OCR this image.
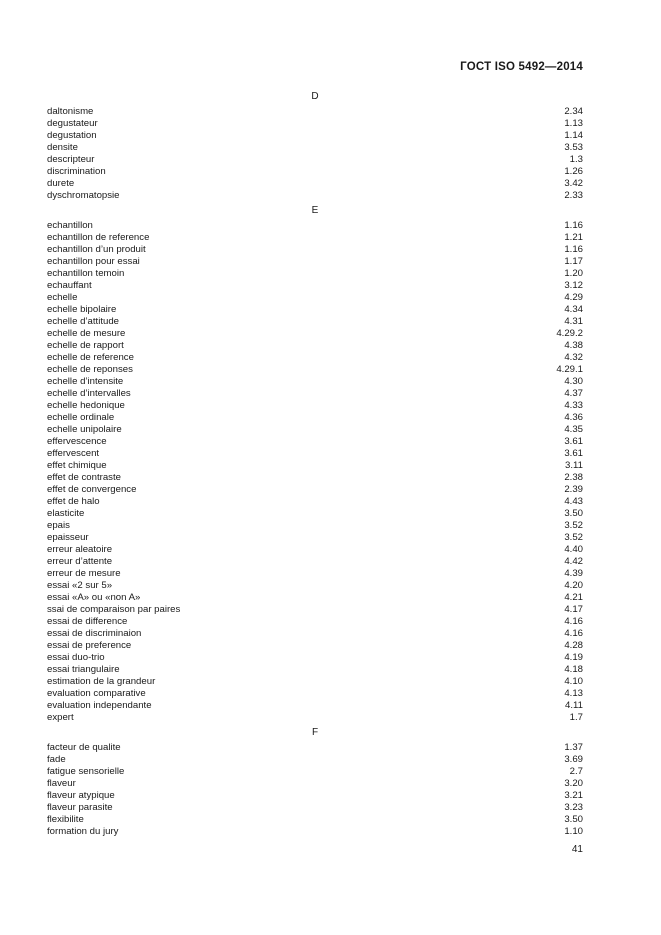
ГОСТ ISO 5492—2014
D
daltonisme	2.34
degustateur	1.13
degustation	1.14
densite	3.53
descripteur	1.3
discrimination	1.26
durete	3.42
dyschromatopsie	2.33
E
echantillon	1.16
echantillon de reference	1.21
echantillon d’un produit	1.16
echantillon pour essai	1.17
echantillon temoin	1.20
echauffant	3.12
echelle	4.29
echelle bipolaire	4.34
echelle d’attitude	4.31
echelle de mesure	4.29.2
echelle de rapport	4.38
echelle de reference	4.32
echelle de reponses	4.29.1
echelle d’intensite	4.30
echelle d’intervalles	4.37
echelle hedonique	4.33
echelle ordinale	4.36
echelle unipolaire	4.35
effervescence	3.61
effervescent	3.61
effet chimique	3.11
effet de contraste	2.38
effet de convergence	2.39
effet de halo	4.43
elasticite	3.50
epais	3.52
epaisseur	3.52
erreur aleatoire	4.40
erreur d’attente	4.42
erreur de mesure	4.39
essai «2 sur 5»	4.20
essai «A» ou «non A»	4.21
ssai de comparaison par paires	4.17
essai de difference	4.16
essai de discriminaion	4.16
essai de preference	4.28
essai duo-trio	4.19
essai triangulaire	4.18
estimation de la grandeur	4.10
evaluation comparative	4.13
evaluation independante	4.11
expert	1.7
F
facteur de qualite	1.37
fade	3.69
fatigue sensorielle	2.7
flaveur	3.20
flaveur atypique	3.21
flaveur parasite	3.23
flexibilite	3.50
formation du jury	1.10
41
